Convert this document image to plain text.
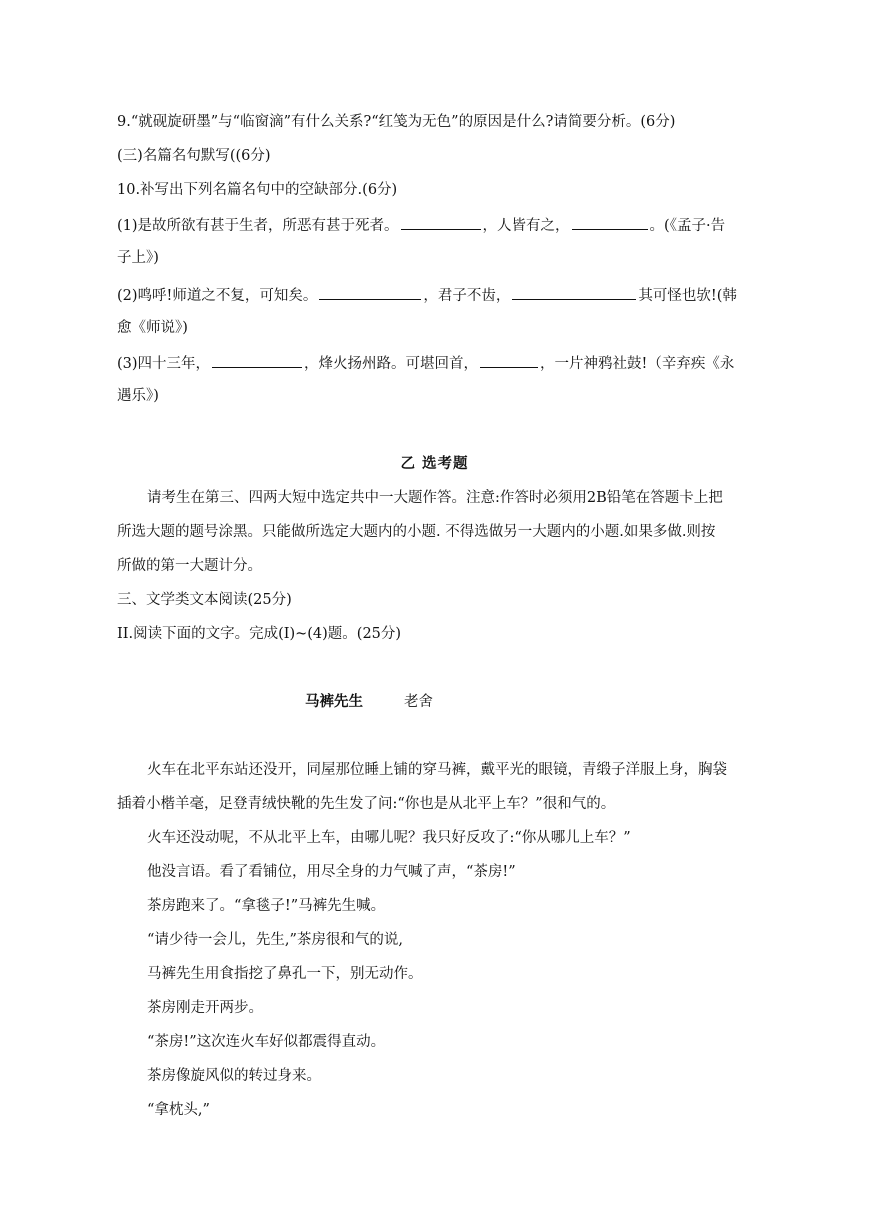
9.“就砚旋研墨”与“临窗滴”有什么关系?“红笺为无色”的原因是什么?请简要分析。(6分)
(三)名篇名句默写((6分)
10.补写出下列名篇名句中的空缺部分.(6分)
(1)是故所欲有甚于生者，所恶有甚于死者。	，人皆有之，	。(《孟子·告
子上》)
(2)鸣呼!师道之不复，可知矣。	，君子不齿，	其可怪也欤!(韩
愈《师说》)
(3)四十三年，	，烽火扬州路。可堪回首，	，一片神鸦社鼓!（辛弃疾《永
遇乐》)
乙 选考题
请考生在第三、四两大短中选定共中一大题作答。注意:作答时必须用2B铅笔在答题卡上把
所选大题的题号涂黑。只能做所选定大题内的小题. 不得选做另一大题内的小题.如果多做.则按
所做的第一大题计分。
三、文学类文本阅读(25分)
II.阅读下面的文字。完成(I)~(4)题。(25分)
马裤先生	老舍
火车在北平东站还没开，同屋那位睡上铺的穿马裤，戴平光的眼镜，青缎子洋服上身，胸袋
插着小楷羊毫，足登青绒快靴的先生发了问:“你也是从北平上车？”很和气的。
火车还没动呢，不从北平上车，由哪儿呢？我只好反攻了:“你从哪儿上车？”
他没言语。看了看铺位，用尽全身的力气喊了声，“茶房!”
茶房跑来了。“拿毯子!”马裤先生喊。
“请少待一会儿，先生,”茶房很和气的说,
马裤先生用食指挖了鼻孔一下，别无动作。
茶房刚走开两步。
“茶房!”这次连火车好似都震得直动。
茶房像旋风似的转过身来。
“拿枕头,”
